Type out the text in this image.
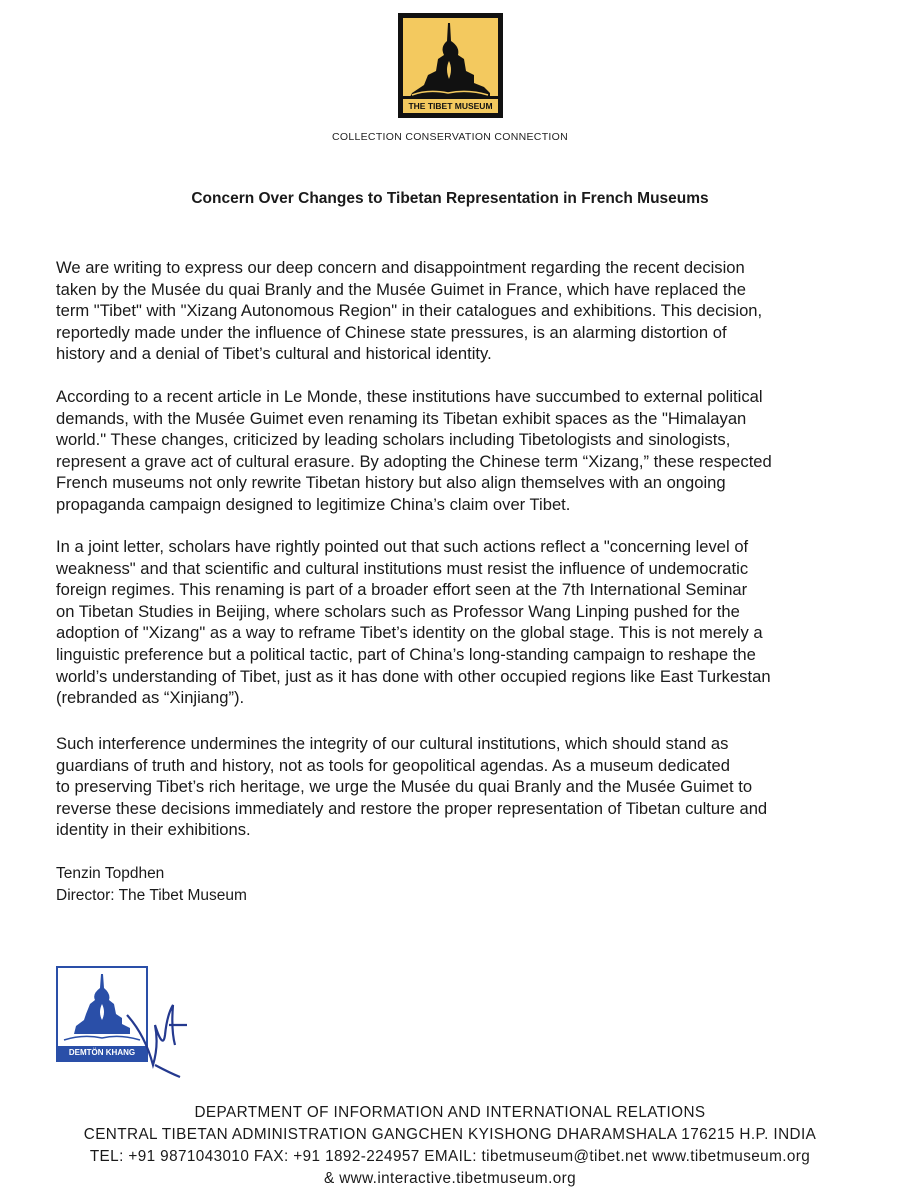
THE TIBET MUSEUM
COLLECTION CONSERVATION CONNECTION
Concern Over Changes to Tibetan Representation in French Museums
We are writing to express our deep concern and disappointment regarding the recent decision
taken by the Musée du quai Branly and the Musée Guimet in France, which have replaced the
term "Tibet" with "Xizang Autonomous Region" in their catalogues and exhibitions. This decision,
reportedly made under the influence of Chinese state pressures, is an alarming distortion of
history and a denial of Tibet’s cultural and historical identity.
According to a recent article in Le Monde, these institutions have succumbed to external political
demands, with the Musée Guimet even renaming its Tibetan exhibit spaces as the "Himalayan
world." These changes, criticized by leading scholars including Tibetologists and sinologists,
represent a grave act of cultural erasure. By adopting the Chinese term “Xizang,” these respected
French museums not only rewrite Tibetan history but also align themselves with an ongoing
propaganda campaign designed to legitimize China’s claim over Tibet.
In a joint letter, scholars have rightly pointed out that such actions reflect a "concerning level of
weakness" and that scientific and cultural institutions must resist the influence of undemocratic
foreign regimes. This renaming is part of a broader effort seen at the 7th International Seminar
on Tibetan Studies in Beijing, where scholars such as Professor Wang Linping pushed for the
adoption of "Xizang" as a way to reframe Tibet’s identity on the global stage. This is not merely a
linguistic preference but a political tactic, part of China’s long-standing campaign to reshape the
world’s understanding of Tibet, just as it has done with other occupied regions like East Turkestan
(rebranded as “Xinjiang”).
Such interference undermines the integrity of our cultural institutions, which should stand as
guardians of truth and history, not as tools for geopolitical agendas. As a museum dedicated
to preserving Tibet’s rich heritage, we urge the Musée du quai Branly and the Musée Guimet to
reverse these decisions immediately and restore the proper representation of Tibetan culture and
identity in their exhibitions.
Tenzin Topdhen
Director: The Tibet Museum
DEMTÖN KHANG
DEPARTMENT OF INFORMATION AND INTERNATIONAL RELATIONS
CENTRAL TIBETAN ADMINISTRATION GANGCHEN KYISHONG DHARAMSHALA 176215 H.P. INDIA
TEL: +91 9871043010 FAX: +91 1892-224957 EMAIL: tibetmuseum@tibet.net www.tibetmuseum.org
& www.interactive.tibetmuseum.org
